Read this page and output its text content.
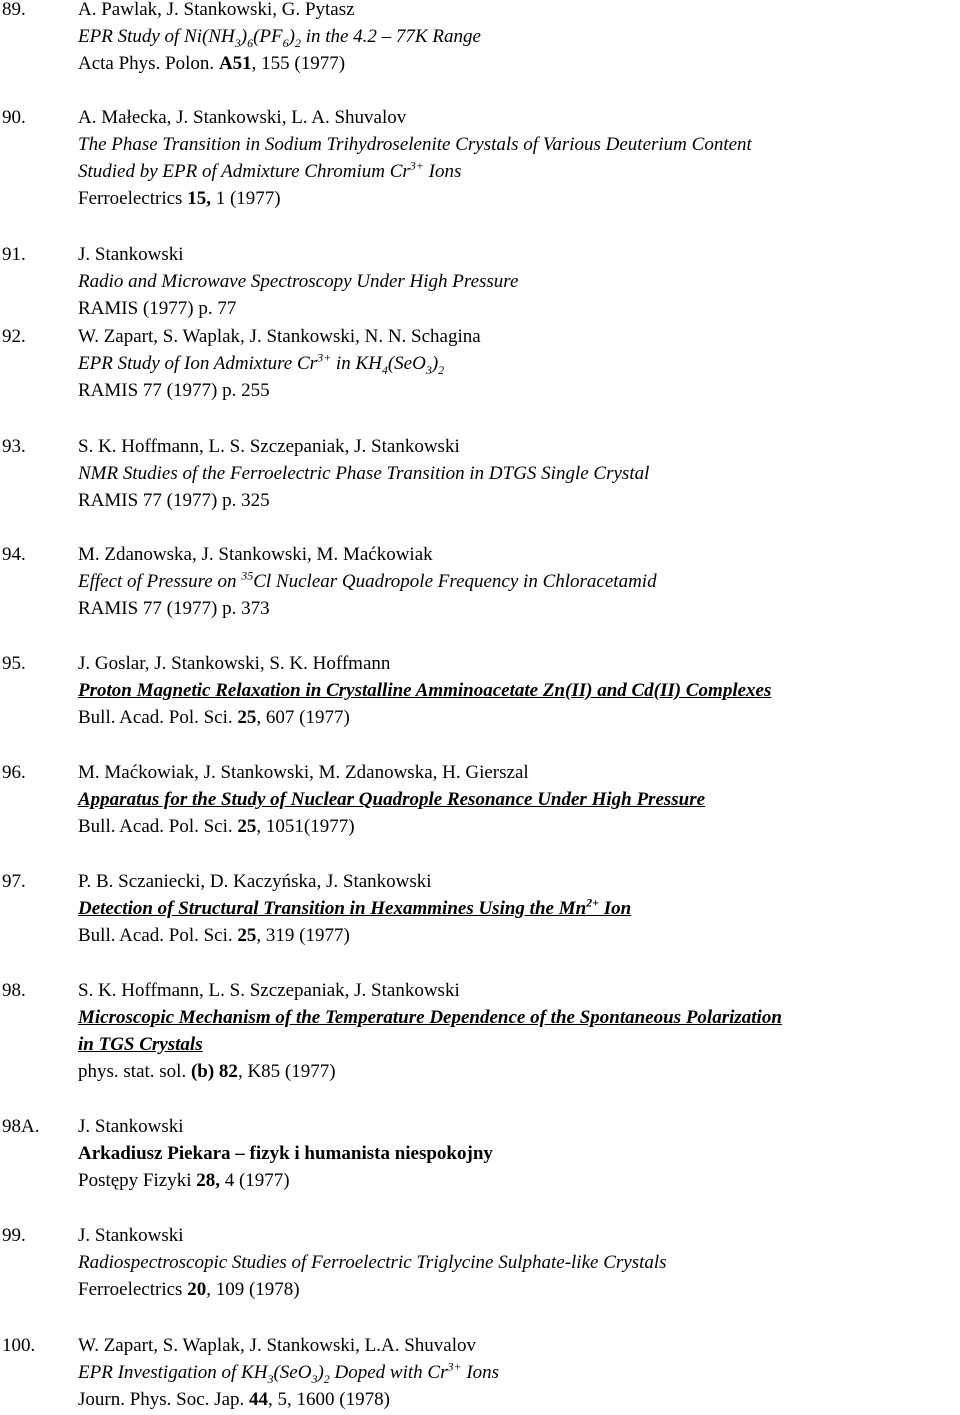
89.	A. Pawlak, J. Stankowski, G. Pytasz
EPR Study of $Ni(NH_3)_6(PF_6)_2$ in the 4.2 – 77K Range
Acta Phys. Polon. A51, 155 (1977)
90.	A. Małecka, J. Stankowski, L. A. Shuvalov
The Phase Transition in Sodium Trihydroselenite Crystals of Various Deuterium Content
Studied by EPR of Admixture Chromium $Cr^{3+}$ Ions
Ferroelectrics 15, 1 (1977)
91.	J. Stankowski
Radio and Microwave Spectroscopy Under High Pressure
RAMIS (1977) p. 77
92.	W. Zapart, S. Waplak, J. Stankowski, N. N. Schagina
EPR Study of Ion Admixture $Cr^{3+}$ in $KH_4(SeO_3)_2$
RAMIS 77 (1977) p. 255
93.	S. K. Hoffmann, L. S. Szczepaniak, J. Stankowski
NMR Studies of the Ferroelectric Phase Transition in DTGS Single Crystal
RAMIS 77 (1977) p. 325
94.	M. Zdanowska, J. Stankowski, M. Maćkowiak
Effect of Pressure on $^{35}$Cl Nuclear Quadropole Frequency in Chloracetamid
RAMIS 77 (1977) p. 373
95.	J. Goslar, J. Stankowski, S. K. Hoffmann
Proton Magnetic Relaxation in Crystalline Amminoacetate Zn(II) and Cd(II) Complexes
Bull. Acad. Pol. Sci. 25, 607 (1977)
96.	M. Maćkowiak, J. Stankowski, M. Zdanowska, H. Gierszal
Apparatus for the Study of Nuclear Quadrople Resonance Under High Pressure
Bull. Acad. Pol. Sci. 25, 1051(1977)
97.	P. B. Sczaniecki, D. Kaczyńska, J. Stankowski
Detection of Structural Transition in Hexammines Using the $Mn^{2+}$ Ion
Bull. Acad. Pol. Sci. 25, 319 (1977)
98.	S. K. Hoffmann, L. S. Szczepaniak, J. Stankowski
Microscopic Mechanism of the Temperature Dependence of the Spontaneous Polarization
in TGS Crystals
phys. stat. sol. (b) 82, K85 (1977)
98A. J. Stankowski
Arkadiusz Piekara – fizyk i humanista niespokojny
Postępy Fizyki 28, 4 (1977)
99.	J. Stankowski
Radiospectroscopic Studies of Ferroelectric Triglycine Sulphate-like Crystals
Ferroelectrics 20, 109 (1978)
100. W. Zapart, S. Waplak, J. Stankowski, L.A. Shuvalov
EPR Investigation of $KH_3(SeO_3)_2$ Doped with $Cr^{3+}$ Ions
Journ. Phys. Soc. Jap. 44, 5, 1600 (1978)
